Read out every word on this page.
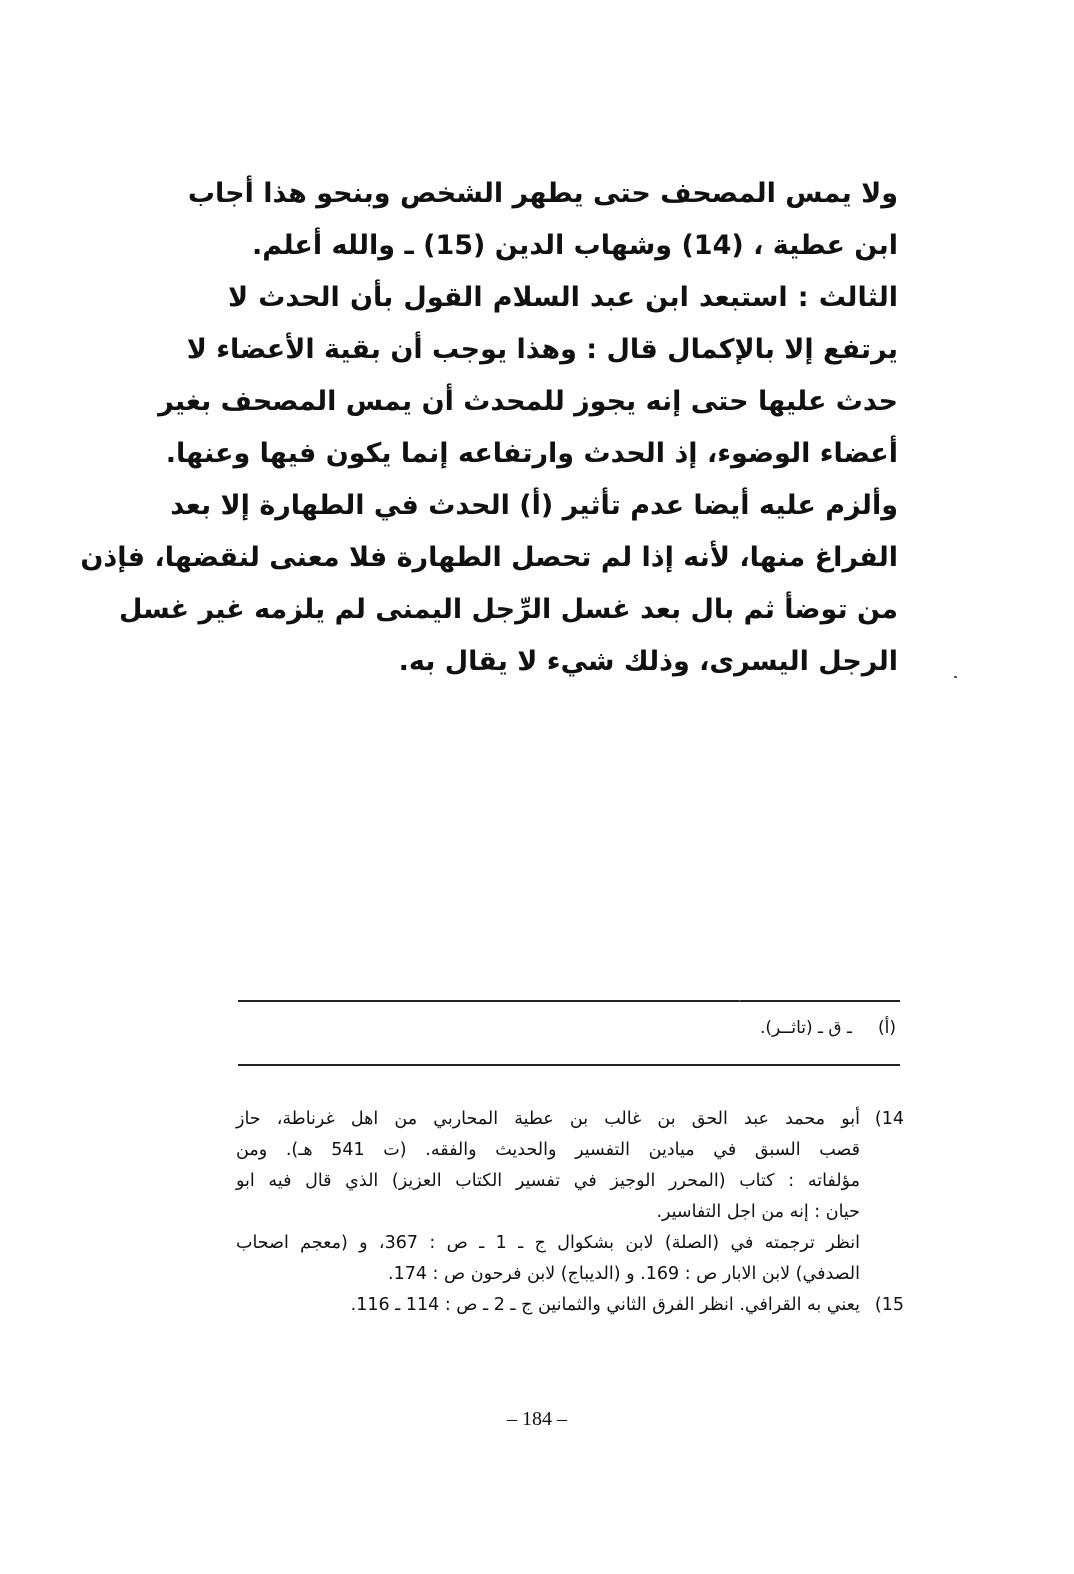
ولا يمس المصحف حتى يطهر الشخص وبنحو هذا أجاب
ابن عطية ، (14) وشهاب الدين (15) ـ والله أعلم.
الثالث : استبعد ابن عبد السلام القول بأن الحدث لا
يرتفع إلا بالإكمال قال : وهذا يوجب أن بقية الأعضاء لا
حدث عليها حتى إنه يجوز للمحدث أن يمس المصحف بغير
أعضاء الوضوء، إذ الحدث وارتفاعه إنما يكون فيها وعنها.
وألزم عليه أيضا عدم تأثير (أ) الحدث في الطهارة إلا بعد
الفراغ منها، لأنه إذا لم تحصل الطهارة فلا معنى لنقضها، فإذن
من توضأ ثم بال بعد غسل الرِّجل اليمنى لم يلزمه غير غسل
الرجل اليسرى، وذلك شيء لا يقال به.
(أ)ـ ق ـ (تاثــر).
14)أبو محمد عبد الحق بن غالب بن عطية المحاربي من اهل غرناطة، حاز
قصب السبق في ميادين التفسير والحديث والفقه. (ت 541 هـ). ومن
مؤلفاته : كتاب (المحرر الوجيز في تفسير الكتاب العزيز) الذي قال فيه ابو
حيان : إنه من اجل التفاسير.
انظر ترجمته في (الصلة) لابن بشكوال ج ـ 1 ـ ص : 367، و (معجم اصحاب
الصدفي) لابن الابار ص : 169. و (الديباج) لابن فرحون ص : 174.
15)يعني به القرافي. انظر الفرق الثاني والثمانين ج ـ 2 ـ ص : 114 ـ 116.
– 184 –
